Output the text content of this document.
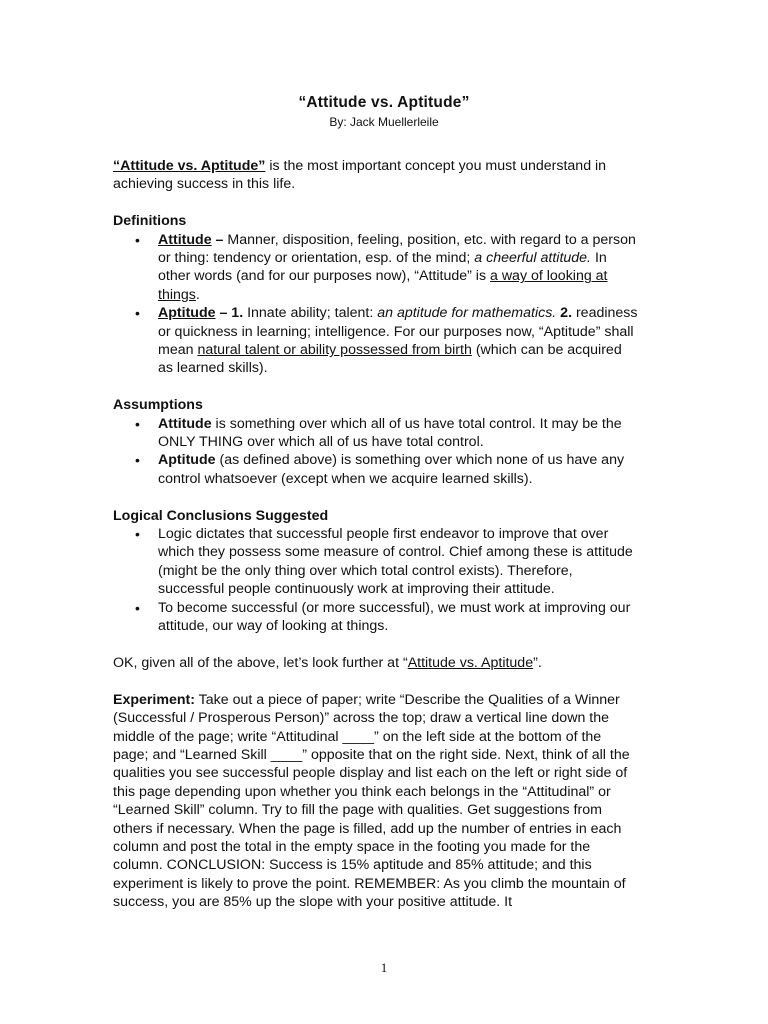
“Attitude vs. Aptitude”
By: Jack Muellerleile

“Attitude vs. Aptitude” is the most important concept you must understand in achieving success in this life.

Definitions

• Attitude – Manner, disposition, feeling, position, etc. with regard to a person or thing: tendency or orientation, esp. of the mind; a cheerful attitude. In other words (and for our purposes now), “Attitude” is a way of looking at things.
• Aptitude – 1. Innate ability; talent: an aptitude for mathematics. 2. readiness or quickness in learning; intelligence. For our purposes now, “Aptitude” shall mean natural talent or ability possessed from birth (which can be acquired as learned skills).

Assumptions

• Attitude is something over which all of us have total control. It may be the ONLY THING over which all of us have total control.
• Aptitude (as defined above) is something over which none of us have any control whatsoever (except when we acquire learned skills).

Logical Conclusions Suggested

• Logic dictates that successful people first endeavor to improve that over which they possess some measure of control. Chief among these is attitude (might be the only thing over which total control exists). Therefore, successful people continuously work at improving their attitude.
• To become successful (or more successful), we must work at improving our attitude, our way of looking at things.

OK, given all of the above, let’s look further at “Attitude vs. Aptitude”.

Experiment: Take out a piece of paper; write “Describe the Qualities of a Winner (Successful / Prosperous Person)” across the top; draw a vertical line down the middle of the page; write “Attitudinal ____” on the left side at the bottom of the page; and “Learned Skill ____” opposite that on the right side. Next, think of all the qualities you see successful people display and list each on the left or right side of this page depending upon whether you think each belongs in the “Attitudinal” or “Learned Skill” column. Try to fill the page with qualities. Get suggestions from others if necessary. When the page is filled, add up the number of entries in each column and post the total in the empty space in the footing you made for the column. CONCLUSION: Success is 15% aptitude and 85% attitude; and this experiment is likely to prove the point. REMEMBER: As you climb the mountain of success, you are 85% up the slope with your positive attitude. It

1
